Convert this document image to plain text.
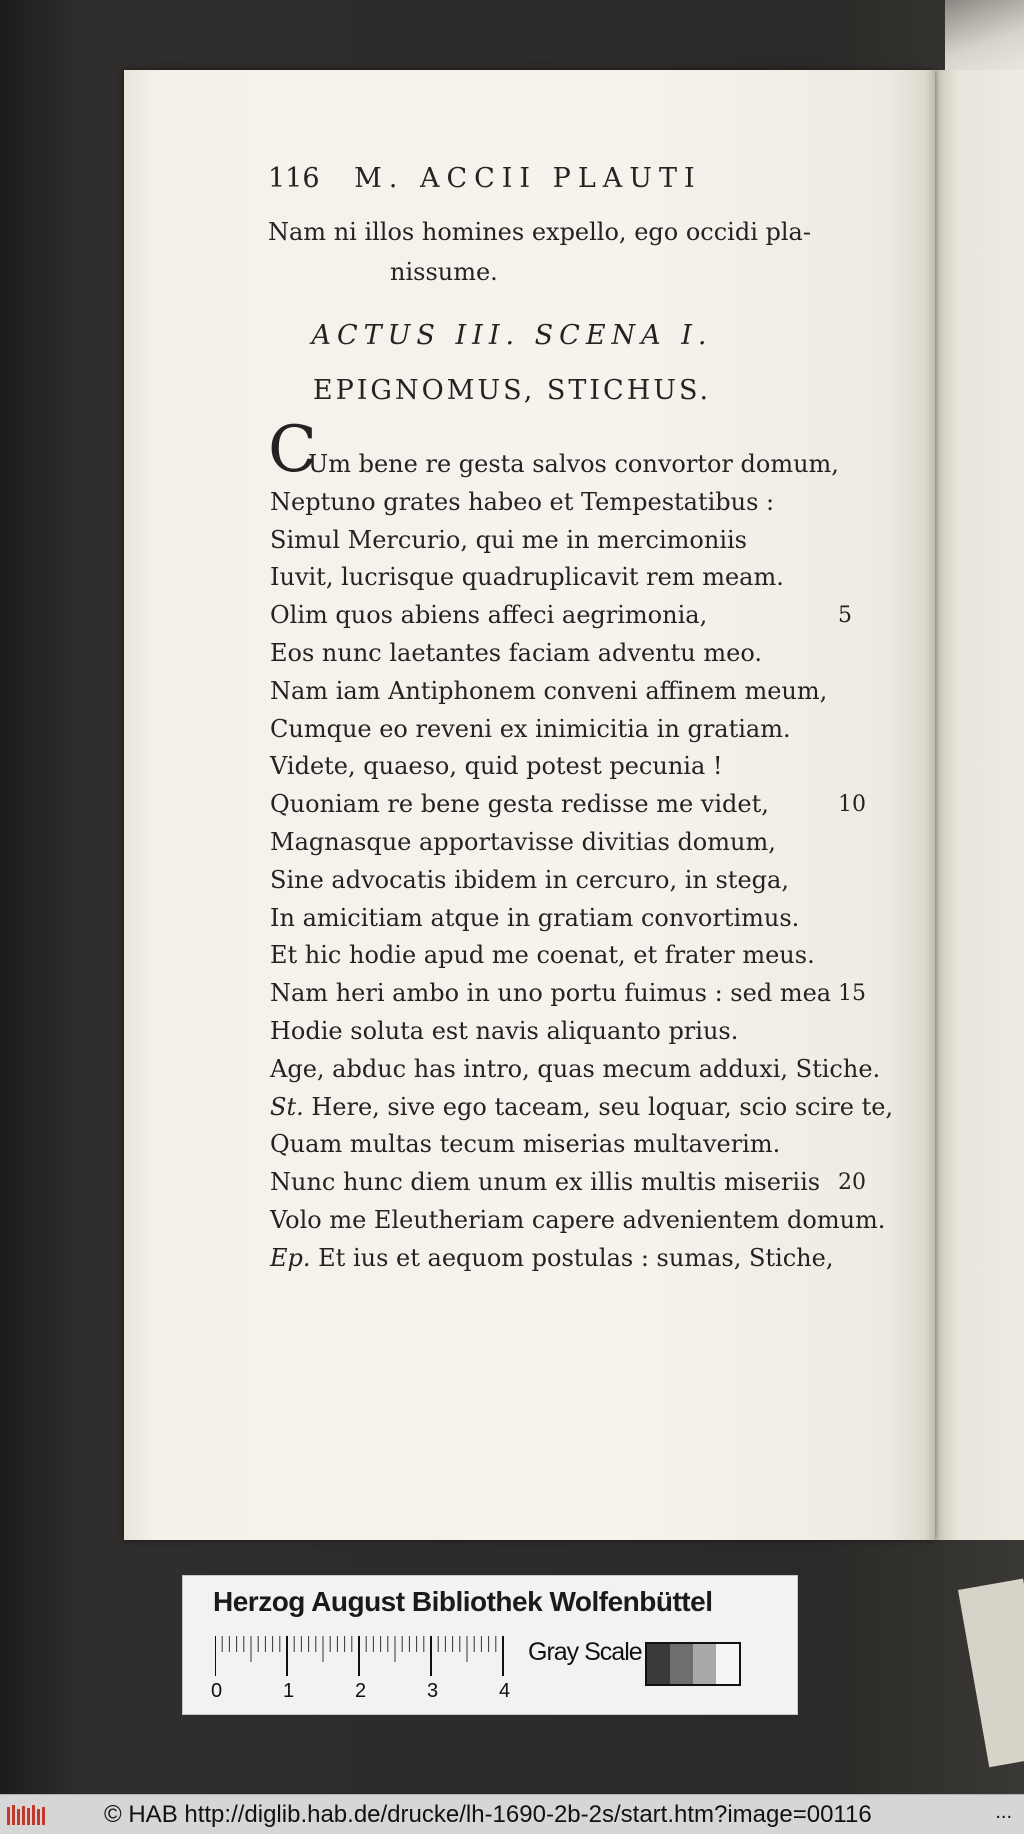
116 M. ACCII PLAUTI
Nam ni illos homines expello, ego occidi pla-
nissume.
ACTUS III. SCENA I.
EPIGNOMUS, STICHUS.
C
Um bene re gesta salvos convortor domum,
Neptuno grates habeo et Tempestatibus :
Simul Mercurio, qui me in mercimoniis
Iuvit, lucrisque quadruplicavit rem meam.
Olim quos abiens affeci aegrimonia,	5
Eos nunc laetantes faciam adventu meo.
Nam iam Antiphonem conveni affinem meum,
Cumque eo reveni ex inimicitia in gratiam.
Videte, quaeso, quid potest pecunia !
Quoniam re bene gesta redisse me videt,	10
Magnasque apportavisse divitias domum,
Sine advocatis ibidem in cercuro, in stega,
In amicitiam atque in gratiam convortimus.
Et hic hodie apud me coenat, et frater meus.
Nam heri ambo in uno portu fuimus : sed mea 15
Hodie soluta est navis aliquanto prius.
Age, abduc has intro, quas mecum adduxi, Stiche.
St. Here, sive ego taceam, seu loquar, scio scire te,
Quam multas tecum miserias multaverim.
Nunc hunc diem unum ex illis multis miseriis 20
Volo me Eleutheriam capere advenientem domum.
Ep. Et ius et aequom postulas : sumas, Stiche,
Herzog August Bibliothek Wolfenbüttel
0	1	2	3	4
Gray Scale
© HAB http://diglib.hab.de/drucke/lh-1690-2b-2s/start.htm?image=00116	...
